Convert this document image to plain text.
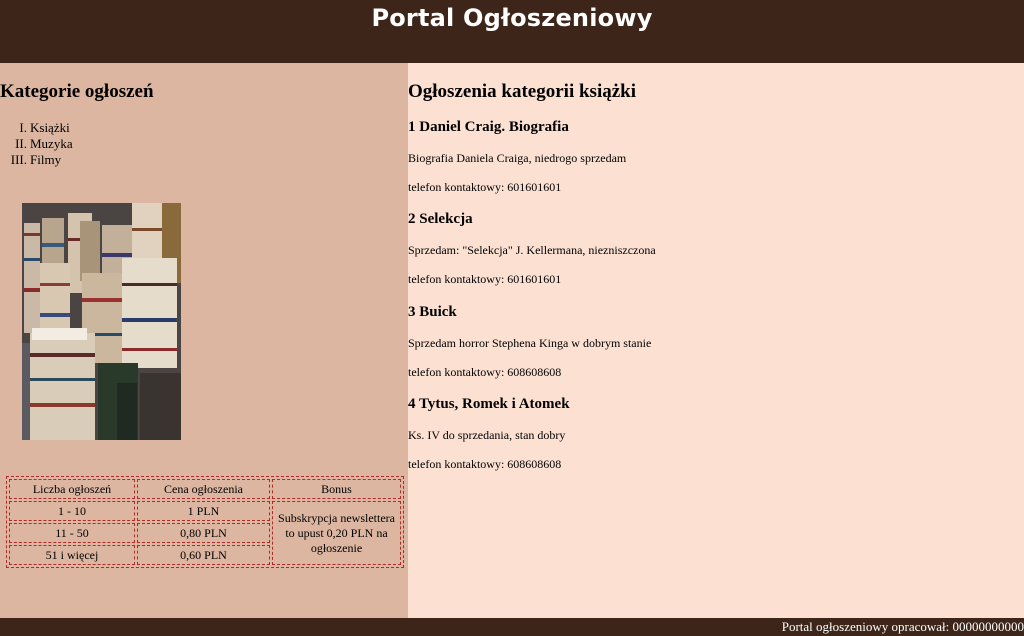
Portal Ogłoszeniowy
Kategorie ogłoszeń
I. Książki
II. Muzyka
III. Filmy
Liczba ogłoszeń	Cena ogłoszenia	Bonus
1 - 10	1 PLN	Subskrypcja newslettera to upust 0,20 PLN na ogłoszenie
11 - 50	0,80 PLN	
51 i więcej	0,60 PLN	
Ogłoszenia kategorii książki
1 Daniel Craig. Biografia
Biografia Daniela Craiga, niedrogo sprzedam
telefon kontaktowy: 601601601
2 Selekcja
Sprzedam: "Selekcja" J. Kellermana, niezniszczona
telefon kontaktowy: 601601601
3 Buick
Sprzedam horror Stephena Kinga w dobrym stanie
telefon kontaktowy: 608608608
4 Tytus, Romek i Atomek
Ks. IV do sprzedania, stan dobry
telefon kontaktowy: 608608608
Portal ogłoszeniowy opracował: 00000000000
